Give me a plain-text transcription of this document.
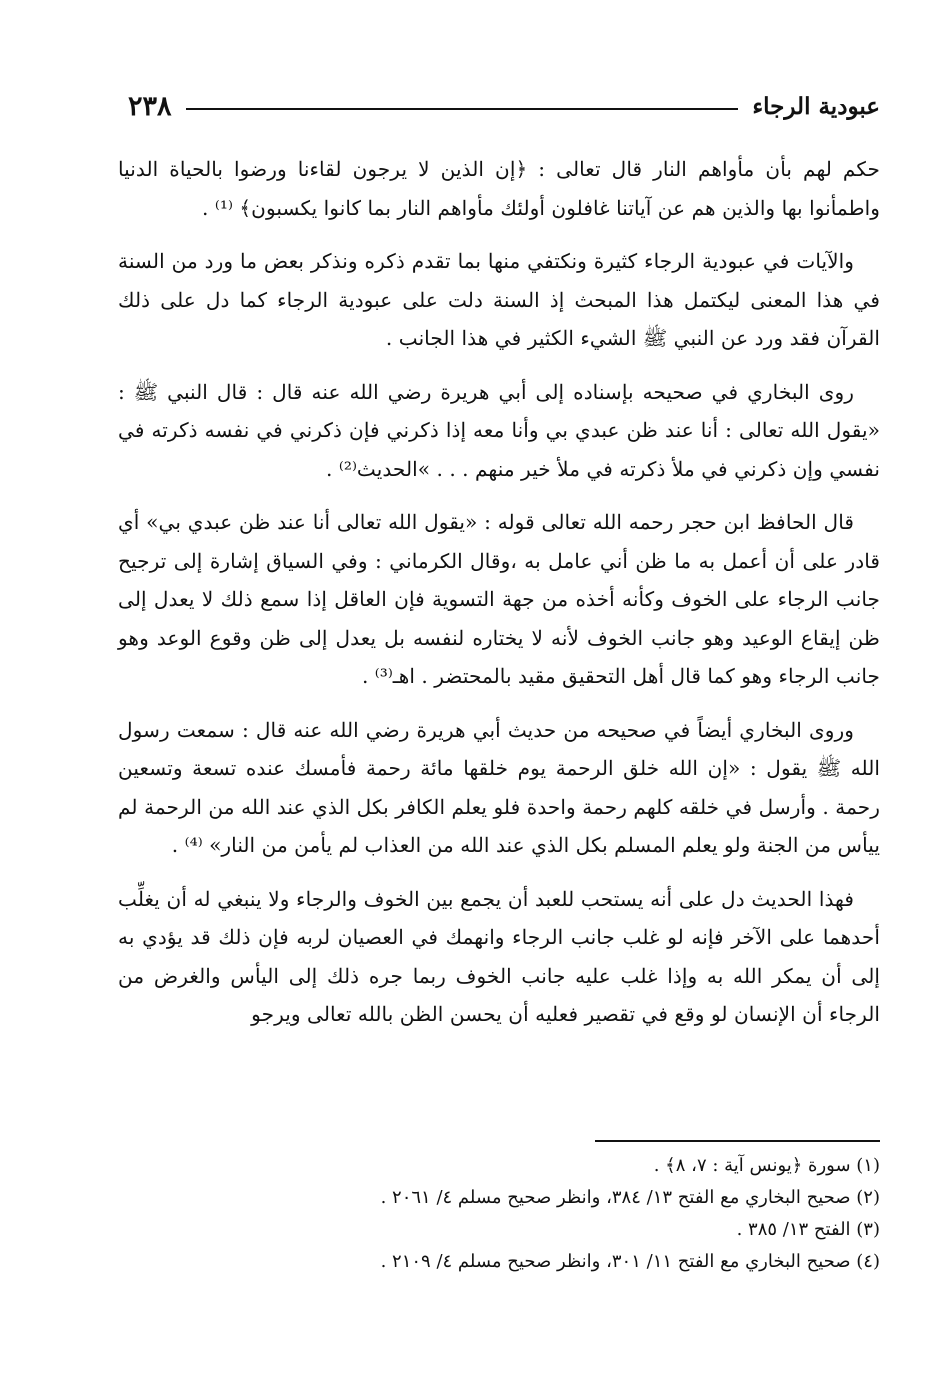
٢٣٨	عبودية الرجاء

حكم لهم بأن مأواهم النار قال تعالى : ﴿إن الذين لا يرجون لقاءنا ورضوا بالحياة الدنيا واطمأنوا بها والذين هم عن آياتنا غافلون أولئك مأواهم النار بما كانوا يكسبون﴾ ⁽¹⁾ .

والآيات في عبودية الرجاء كثيرة ونكتفي منها بما تقدم ذكره ونذكر بعض ما ورد من السنة في هذا المعنى ليكتمل هذا المبحث إذ السنة دلت على عبودية الرجاء كما دل على ذلك القرآن فقد ورد عن النبي ﷺ الشيء الكثير في هذا الجانب .

روى البخاري في صحيحه بإسناده إلى أبي هريرة رضي الله عنه قال : قال النبي ﷺ : «يقول الله تعالى : أنا عند ظن عبدي بي وأنا معه إذا ذكرني فإن ذكرني في نفسه ذكرته في نفسي وإن ذكرني في ملأ ذكرته في ملأ خير منهم . . . »الحديث⁽²⁾ .

قال الحافظ ابن حجر رحمه الله تعالى قوله : «يقول الله تعالى أنا عند ظن عبدي بي» أي قادر على أن أعمل به ما ظن أني عامل به ،وقال الكرماني : وفي السياق إشارة إلى ترجيح جانب الرجاء على الخوف وكأنه أخذه من جهة التسوية فإن العاقل إذا سمع ذلك لا يعدل إلى ظن إيقاع الوعيد وهو جانب الخوف لأنه لا يختاره لنفسه بل يعدل إلى ظن وقوع الوعد وهو جانب الرجاء وهو كما قال أهل التحقيق مقيد بالمحتضر . اهـ⁽³⁾ .

وروى البخاري أيضاً في صحيحه من حديث أبي هريرة رضي الله عنه قال : سمعت رسول الله ﷺ يقول : «إن الله خلق الرحمة يوم خلقها مائة رحمة فأمسك عنده تسعة وتسعين رحمة . وأرسل في خلقه كلهم رحمة واحدة فلو يعلم الكافر بكل الذي عند الله من الرحمة لم ييأس من الجنة ولو يعلم المسلم بكل الذي عند الله من العذاب لم يأمن من النار» ⁽⁴⁾ .

فهذا الحديث دل على أنه يستحب للعبد أن يجمع بين الخوف والرجاء ولا ينبغي له أن يغلِّب أحدهما على الآخر فإنه لو غلب جانب الرجاء وانهمك في العصيان لربه فإن ذلك قد يؤدي به إلى أن يمكر الله به وإذا غلب عليه جانب الخوف ربما جره ذلك إلى اليأس والغرض من الرجاء أن الإنسان لو وقع في تقصير فعليه أن يحسن الظن بالله تعالى ويرجو

(١) سورة ﴿يونس آية : ٧، ٨﴾ .

(٢) صحيح البخاري مع الفتح ١٣/ ٣٨٤، وانظر صحيح مسلم ٤/ ٢٠٦١ .

(٣) الفتح ١٣/ ٣٨٥ .

(٤) صحيح البخاري مع الفتح ١١/ ٣٠١، وانظر صحيح مسلم ٤/ ٢١٠٩ .
